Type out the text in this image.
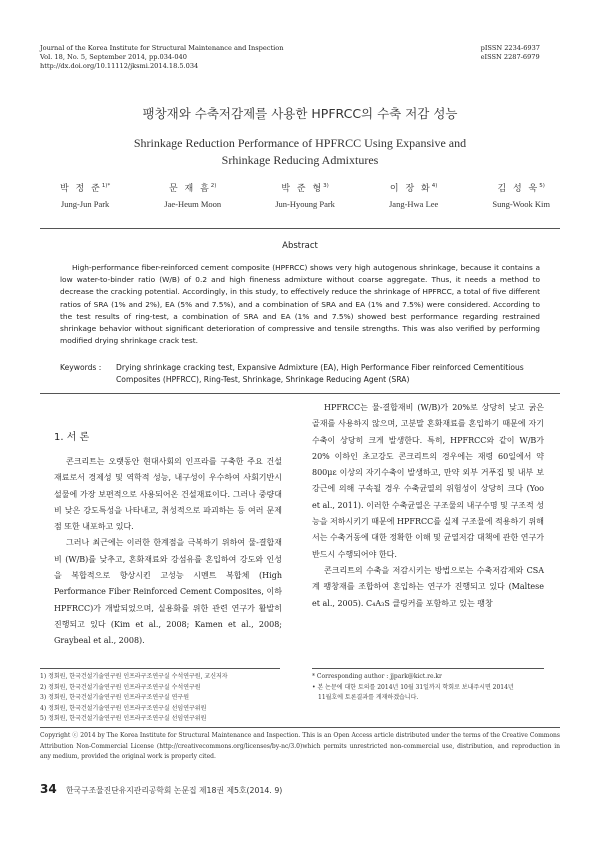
Journal of the Korea Institute for Structural Maintenance and Inspection
Vol. 18, No. 5, September 2014, pp.034-040
http://dx.doi.org/10.11112/jksmi.2014.18.5.034
pISSN 2234-6937
eISSN 2287-6979
팽창재와 수축저감제를 사용한 HPFRCC의 수축 저감 성능
Shrinkage Reduction Performance of HPFRCC Using Expansive and
Srhinkage Reducing Admixtures
박 정 준$^{1)*}$
Jung-Jun Park
문 재 흠$^{2)}$
Jae-Heum Moon
박 준 형$^{3)}$
Jun-Hyoung Park
이 장 화$^{4)}$
Jang-Hwa Lee
김 성 욱$^{5)}$
Sung-Wook Kim
Abstract
High-performance fiber-reinforced cement composite (HPFRCC) shows very high autogenous shrinkage, because it contains a low water-to-binder ratio (W/B) of 0.2 and high fineness admixture without coarse aggregate. Thus, it needs a method to decrease the cracking potential. Accordingly, in this study, to effectively reduce the shrinkage of HPFRCC, a total of five different ratios of SRA (1% and 2%), EA (5% and 7.5%), and a combination of SRA and EA (1% and 7.5%) were considered. According to the test results of ring-test, a combination of SRA and EA (1% and 7.5%) showed best performance regarding restrained shrinkage behavior without significant deterioration of compressive and tensile strengths. This was also verified by performing modified drying shrinkage crack test.
Keywords : Drying shrinkage cracking test, Expansive Admixture (EA), High Performance Fiber reinforced Cementitious Composites (HPFRCC), Ring-Test, Shrinkage, Shrinkage Reducing Agent (SRA)
1. 서 론

콘크리트는 오랫동안 현대사회의 인프라를 구축한 주요 건설재료로서 경제성 및 역학적 성능, 내구성이 우수하여 사회기반시설물에 가장 보편적으로 사용되어온 건설재료이다. 그러나 중량대비 낮은 강도특성을 나타내고, 취성적으로 파괴하는 등 여러 문제점 또한 내포하고 있다.

그러나 최근에는 이러한 한계점을 극복하기 위하여 물-결합재비 (W/B)를 낮추고, 혼화재료와 강섬유를 혼입하여 강도와 인성을 복합적으로 향상시킨 고성능 시멘트 복합체 (High Performance Fiber Reinforced Cement Composites, 이하 HPFRCC)가 개발되었으며, 실용화를 위한 관련 연구가 활발히 진행되고 있다 (Kim et al., 2008; Kamen et al., 2008; Graybeal et al., 2008).

HPFRCC는 물-결합재비 (W/B)가 20%로 상당히 낮고 굵은 골재를 사용하지 않으며, 고분말 혼화재료를 혼입하기 때문에 자기수축이 상당히 크게 발생한다. 특히, HPFRCC와 같이 W/B가 20% 이하인 초고강도 콘크리트의 경우에는 재령 60일에서 약 800με 이상의 자기수축이 발생하고, 만약 외부 거푸집 및 내부 보강근에 의해 구속될 경우 수축균열의 위험성이 상당히 크다 (Yoo et al., 2011). 이러한 수축균열은 구조물의 내구수명 및 구조적 성능을 저하시키기 때문에 HPFRCC를 실제 구조물에 적용하기 위해서는 수축거동에 대한 정확한 이해 및 균열저감 대책에 관한 연구가 반드시 수행되어야 한다.

콘크리트의 수축을 저감시키는 방법으로는 수축저감제와 CSA계 팽창재를 조합하여 혼입하는 연구가 진행되고 있다 (Maltese et al., 2005). C₄A₃S 클링커를 포함하고 있는 팽창

1) 정회원, 한국건설기술연구원 인프라구조연구실 수석연구원, 교신저자
2) 정회원, 한국건설기술연구원 인프라구조연구실 수석연구원
3) 정회원, 한국건설기술연구원 인프라구조연구실 연구원
4) 정회원, 한국건설기술연구원 인프라구조연구실 선임연구위원
5) 정회원, 한국건설기술연구원 인프라구조연구실 선임연구위원
* Corresponding author : jjpark@kict.re.kr
• 본 논문에 대한 토의를 2014년 10월 31일까지 학회로 보내주시면 2014년
11월호에 토론결과를 게재하겠습니다.
Copyright ⓒ 2014 by The Korea Institute for Structural Maintenance and Inspection. This is an Open Access article distributed under the terms of the Creative Commons Attribution Non-Commercial License (http://creativecommons.org/licenses/by-nc/3.0)which permits unrestricted non-commercial use, distribution, and reproduction in any medium, provided the original work is properly cited.
34 한국구조물진단유지관리공학회 논문집 제18권 제5호(2014. 9)
